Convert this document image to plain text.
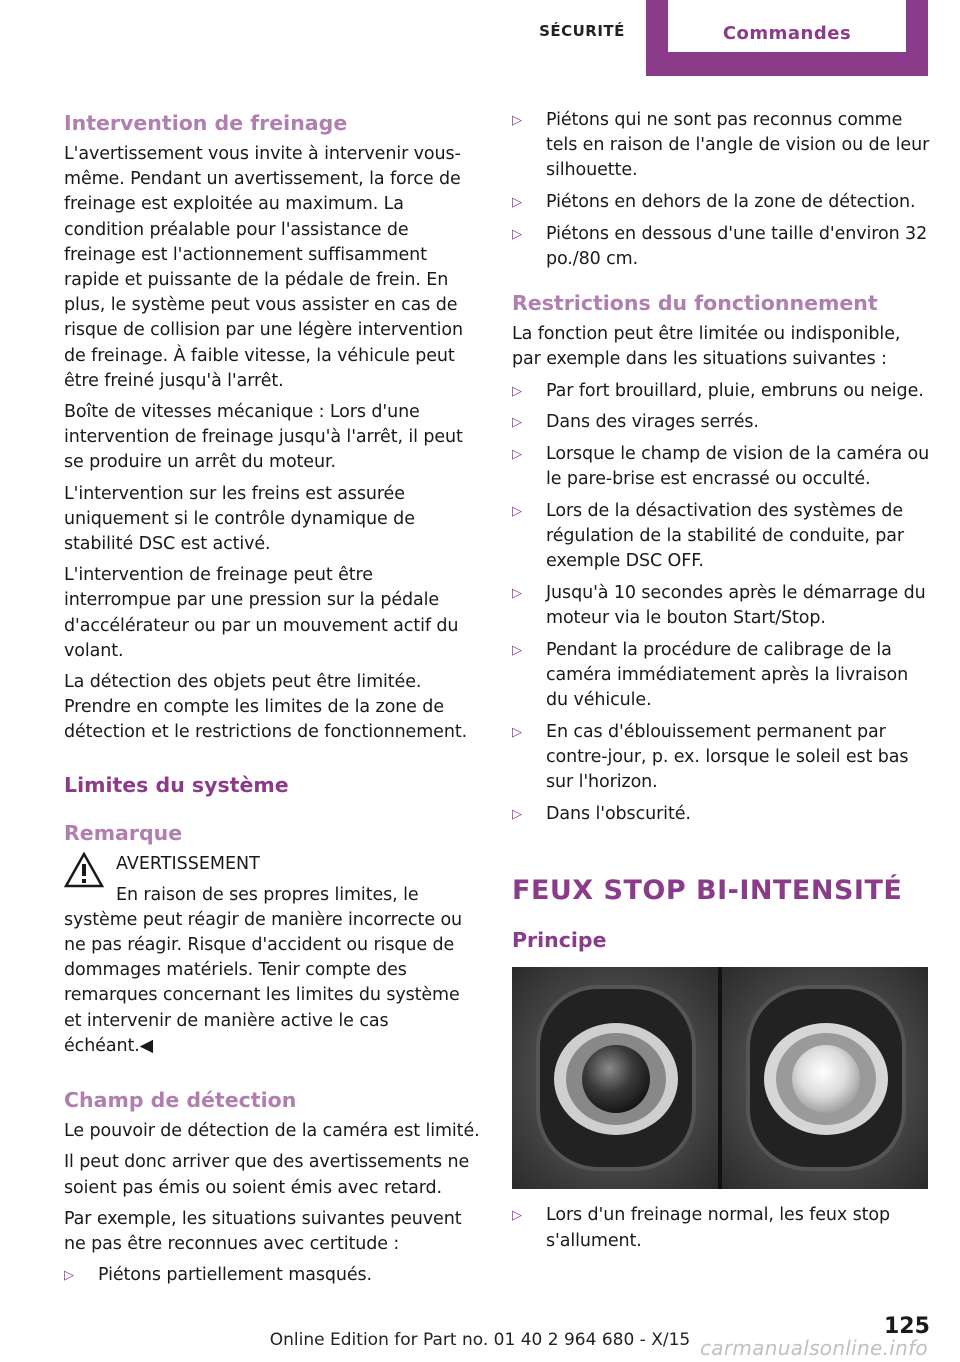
SÉCURITÉ	Commandes
Intervention de freinage

L'avertissement vous invite à intervenir vous-même. Pendant un avertissement, la force de freinage est exploitée au maximum. La condition préalable pour l'assistance de freinage est l'actionnement suffisamment rapide et puissante de la pédale de frein. En plus, le système peut vous assister en cas de risque de collision par une légère intervention de freinage. À faible vitesse, la véhicule peut être freiné jusqu'à l'arrêt.

Boîte de vitesses mécanique : Lors d'une intervention de freinage jusqu'à l'arrêt, il peut se produire un arrêt du moteur.

L'intervention sur les freins est assurée uniquement si le contrôle dynamique de stabilité DSC est activé.

L'intervention de freinage peut être interrompue par une pression sur la pédale d'accélérateur ou par un mouvement actif du volant.

La détection des objets peut être limitée. Prendre en compte les limites de la zone de détection et le restrictions de fonctionnement.

Limites du système
Remarque
AVERTISSEMENT

En raison de ses propres limites, le système peut réagir de manière incorrecte ou ne pas réagir. Risque d'accident ou risque de dommages matériels. Tenir compte des remarques concernant les limites du système et intervenir de manière active le cas échéant.◀

Champ de détection

Le pouvoir de détection de la caméra est limité.

Il peut donc arriver que des avertissements ne soient pas émis ou soient émis avec retard.

Par exemple, les situations suivantes peuvent ne pas être reconnues avec certitude :

▷ Piétons partiellement masqués.
▷ Piétons qui ne sont pas reconnus comme tels en raison de l'angle de vision ou de leur silhouette.
▷ Piétons en dehors de la zone de détection.
▷ Piétons en dessous d'une taille d'environ 32 po./80 cm.
Restrictions du fonctionnement

La fonction peut être limitée ou indisponible, par exemple dans les situations suivantes :

▷ Par fort brouillard, pluie, embruns ou neige.
▷ Dans des virages serrés.
▷ Lorsque le champ de vision de la caméra ou le pare-brise est encrassé ou occulté.
▷ Lors de la désactivation des systèmes de régulation de la stabilité de conduite, par exemple DSC OFF.
▷ Jusqu'à 10 secondes après le démarrage du moteur via le bouton Start/Stop.
▷ Pendant la procédure de calibrage de la caméra immédiatement après la livraison du véhicule.
▷ En cas d'éblouissement permanent par contre-jour, p. ex. lorsque le soleil est bas sur l'horizon.
▷ Dans l'obscurité.
FEUX STOP BI-INTENSITÉ
Principe
▷ Lors d'un freinage normal, les feux stop s'allument.
125
Online Edition for Part no. 01 40 2 964 680 - X/15 carmanualsonline.info
